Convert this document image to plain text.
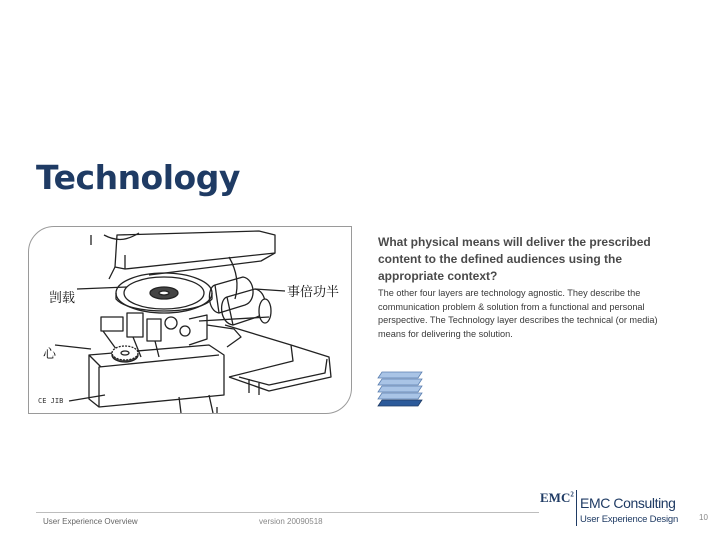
Technology
剀载
心
事倍功半
CE JIB

What physical means will deliver the prescribed content to the defined audiences using the appropriate context?

The other four layers are technology agnostic. They describe the communication problem & solution from a functional and personal perspective. The Technology layer describes the technical (or media) means for delivering the solution.

User Experience Overview	version 20090518	10
EMC$^2$
EMC Consulting
User Experience Design
